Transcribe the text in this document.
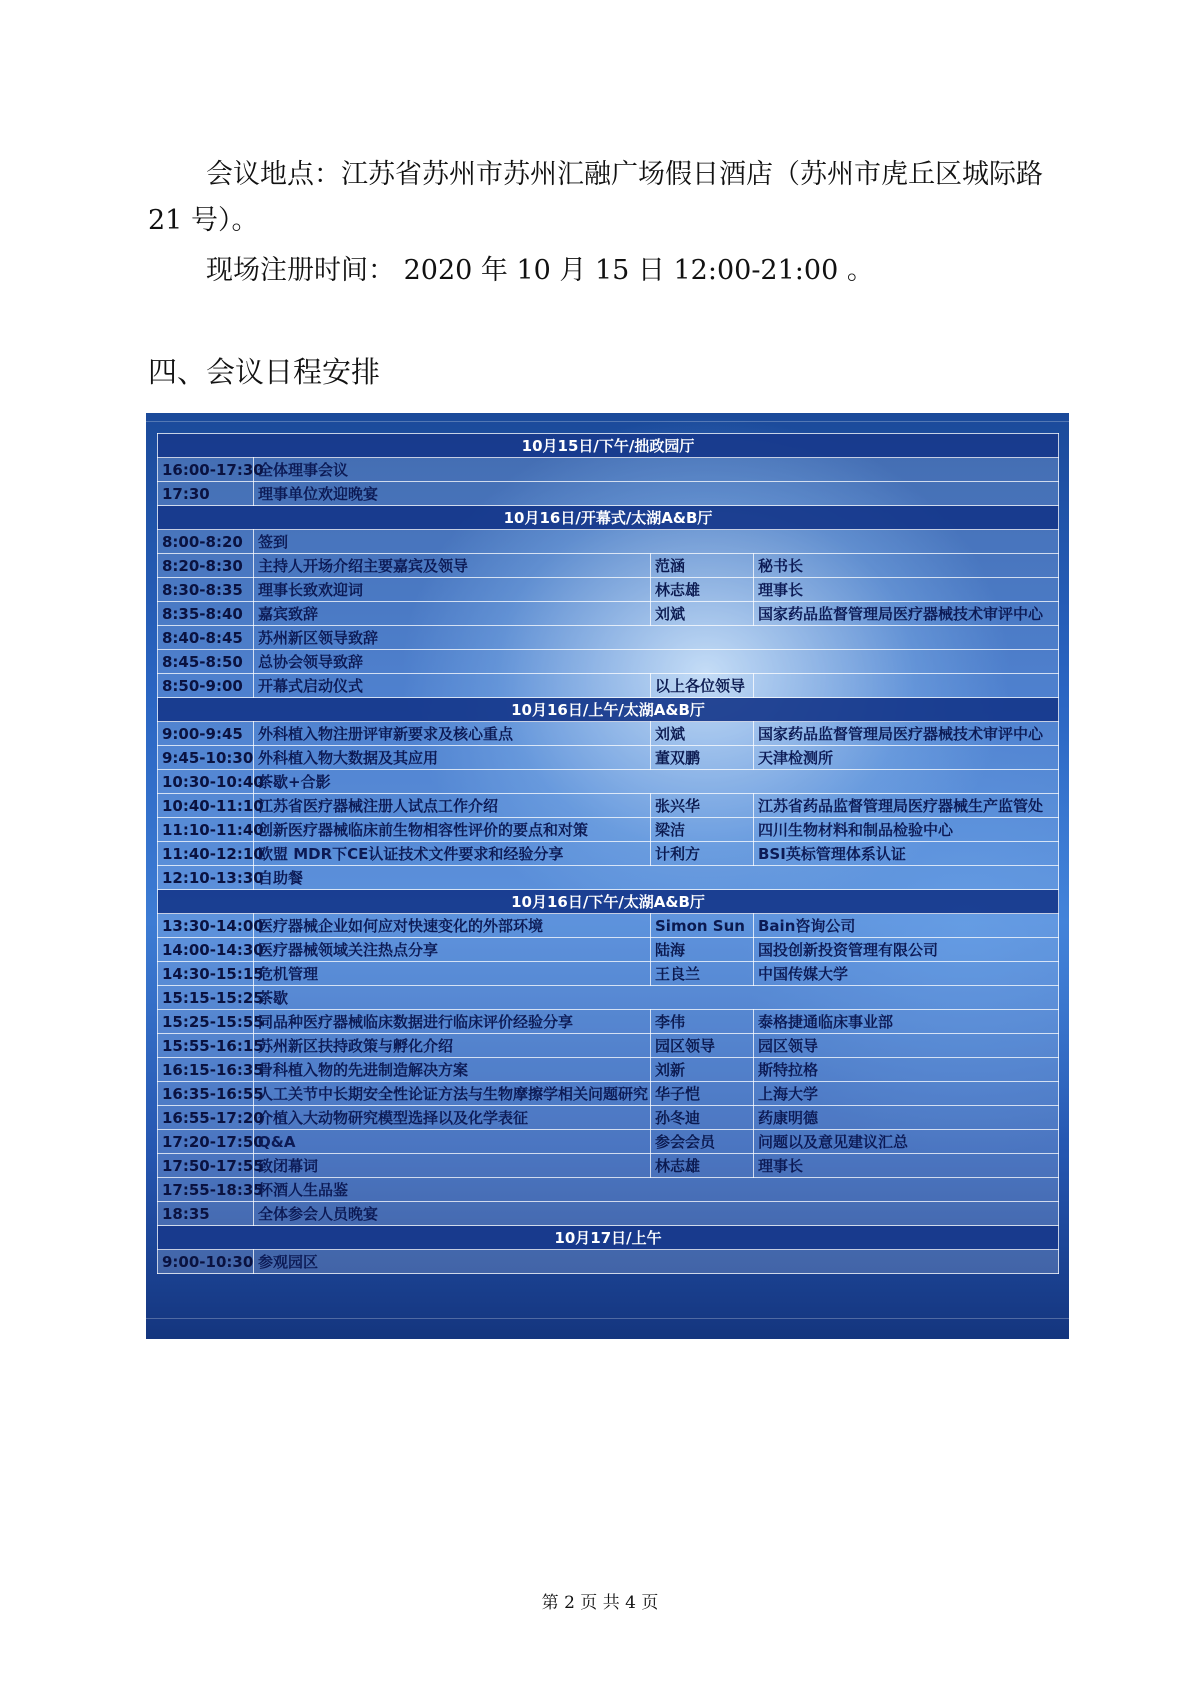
会议地点：江苏省苏州市苏州汇融广场假日酒店（苏州市虎丘区城际路 21 号）。

现场注册时间： 2020 年 10 月 15 日 12:00-21:00 。

四、会议日程安排
10月15日/下午/拙政园厅			
16:00-17:30	全体理事会议		
17:30	理事单位欢迎晚宴		
10月16日/开幕式/太湖A&B厅			
8:00-8:20	签到		
8:20-8:30	主持人开场介绍主要嘉宾及领导	范涵	秘书长
8:30-8:35	理事长致欢迎词	林志雄	理事长
8:35-8:40	嘉宾致辞	刘斌	国家药品监督管理局医疗器械技术审评中心
8:40-8:45	苏州新区领导致辞		
8:45-8:50	总协会领导致辞		
8:50-9:00	开幕式启动仪式	以上各位领导	
10月16日/上午/太湖A&B厅			
9:00-9:45	外科植入物注册评审新要求及核心重点	刘斌	国家药品监督管理局医疗器械技术审评中心
9:45-10:30	外科植入物大数据及其应用	董双鹏	天津检测所
10:30-10:40	茶歇+合影		
10:40-11:10	江苏省医疗器械注册人试点工作介绍	张兴华	江苏省药品监督管理局医疗器械生产监管处
11:10-11:40	创新医疗器械临床前生物相容性评价的要点和对策	梁洁	四川生物材料和制品检验中心
11:40-12:10	欧盟 MDR下CE认证技术文件要求和经验分享	计利方	BSI英标管理体系认证
12:10-13:30	自助餐		
10月16日/下午/太湖A&B厅			
13:30-14:00	医疗器械企业如何应对快速变化的外部环境	Simon Sun	Bain咨询公司
14:00-14:30	医疗器械领域关注热点分享	陆海	国投创新投资管理有限公司
14:30-15:15	危机管理	王良兰	中国传媒大学
15:15-15:25	茶歇		
15:25-15:55	同品种医疗器械临床数据进行临床评价经验分享	李伟	泰格捷通临床事业部
15:55-16:15	苏州新区扶持政策与孵化介绍	园区领导	园区领导
16:15-16:35	骨科植入物的先进制造解决方案	刘新	斯特拉格
16:35-16:55	人工关节中长期安全性论证方法与生物摩擦学相关问题研究	华子恺	上海大学
16:55-17:20	介植入大动物研究模型选择以及化学表征	孙冬迪	药康明德
17:20-17:50	Q&A	参会会员	问题以及意见建议汇总
17:50-17:55	致闭幕词	林志雄	理事长
17:55-18:35	杯酒人生品鉴		
18:35	全体参会人员晚宴		
10月17日/上午			
9:00-10:30	参观园区		
第 2 页 共 4 页
